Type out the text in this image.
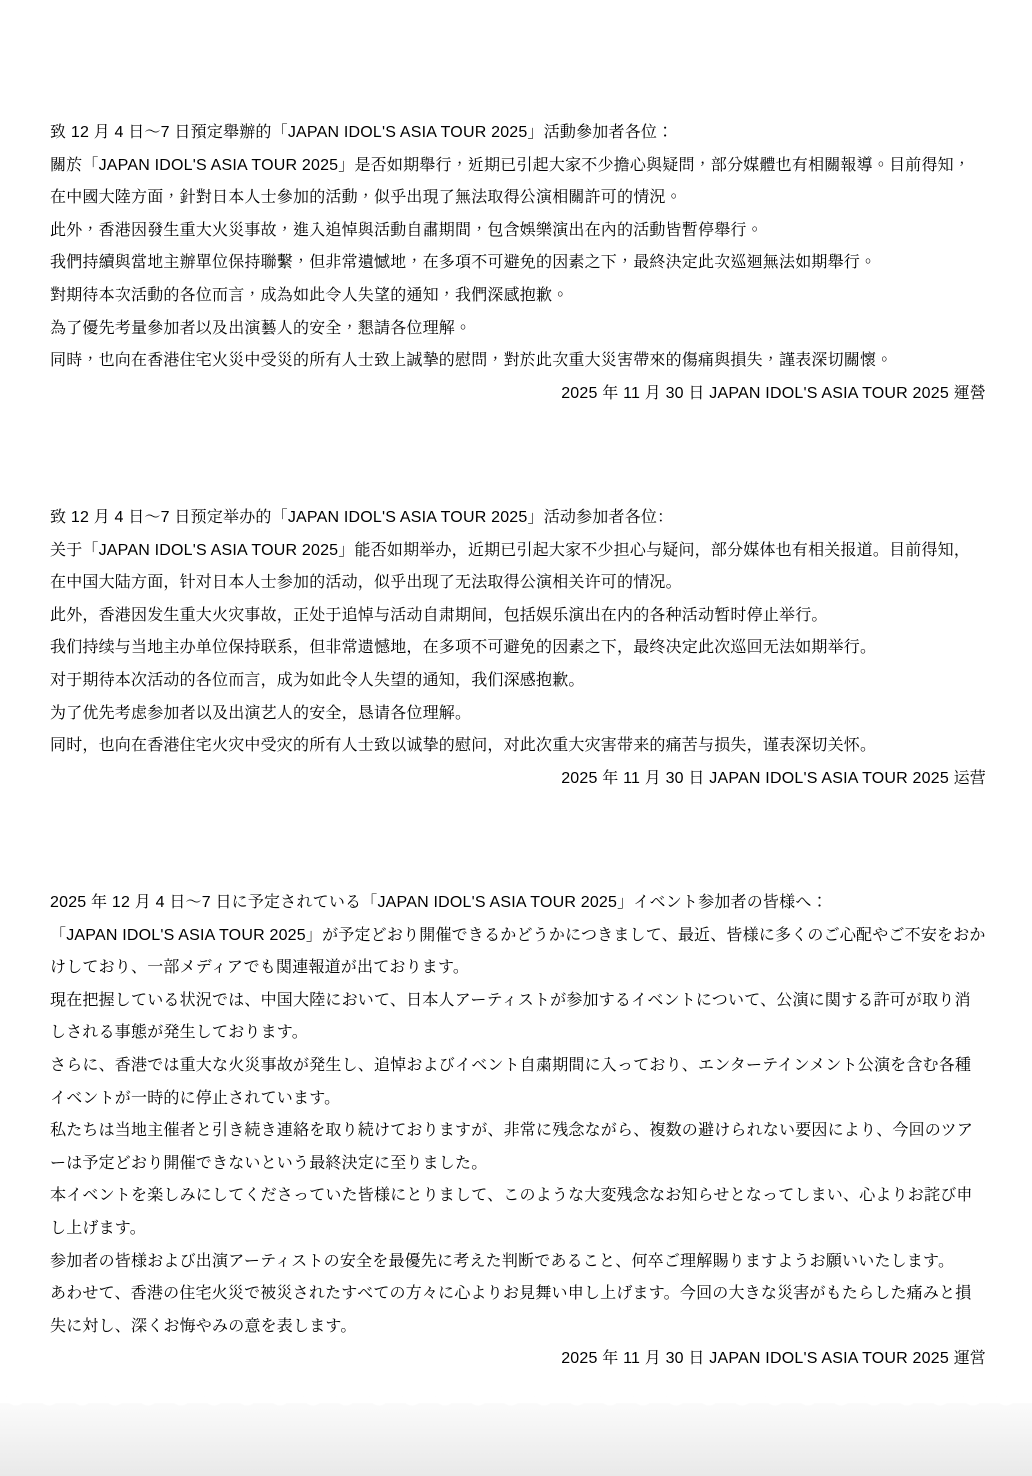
致 12 月 4 日～7 日預定舉辦的「JAPAN IDOL'S ASIA TOUR 2025」活動參加者各位：

關於「JAPAN IDOL'S ASIA TOUR 2025」是否如期舉行，近期已引起大家不少擔心與疑問，部分媒體也有相關報導。目前得知，在中國大陸方面，針對日本人士參加的活動，似乎出現了無法取得公演相關許可的情況。

此外，香港因發生重大火災事故，進入追悼與活動自肅期間，包含娛樂演出在內的活動皆暫停舉行。

我們持續與當地主辦單位保持聯繫，但非常遺憾地，在多項不可避免的因素之下，最終決定此次巡迴無法如期舉行。

對期待本次活動的各位而言，成為如此令人失望的通知，我們深感抱歉。

為了優先考量參加者以及出演藝人的安全，懇請各位理解。

同時，也向在香港住宅火災中受災的所有人士致上誠摯的慰問，對於此次重大災害帶來的傷痛與損失，謹表深切關懷。

2025 年 11 月 30 日 JAPAN IDOL'S ASIA TOUR 2025 運營

致 12 月 4 日～7 日预定举办的「JAPAN IDOL'S ASIA TOUR 2025」活动参加者各位：

关于「JAPAN IDOL'S ASIA TOUR 2025」能否如期举办，近期已引起大家不少担心与疑问，部分媒体也有相关报道。目前得知，在中国大陆方面，针对日本人士参加的活动，似乎出现了无法取得公演相关许可的情况。

此外，香港因发生重大火灾事故，正处于追悼与活动自肃期间，包括娱乐演出在内的各种活动暂时停止举行。

我们持续与当地主办单位保持联系，但非常遗憾地，在多项不可避免的因素之下，最终决定此次巡回无法如期举行。

对于期待本次活动的各位而言，成为如此令人失望的通知，我们深感抱歉。

为了优先考虑参加者以及出演艺人的安全，恳请各位理解。

同时，也向在香港住宅火灾中受灾的所有人士致以诚挚的慰问，对此次重大灾害带来的痛苦与损失，谨表深切关怀。

2025 年 11 月 30 日 JAPAN IDOL'S ASIA TOUR 2025 运营

2025 年 12 月 4 日～7 日に予定されている「JAPAN IDOL'S ASIA TOUR 2025」イベント参加者の皆様へ：

「JAPAN IDOL'S ASIA TOUR 2025」が予定どおり開催できるかどうかにつきまして、最近、皆様に多くのご心配やご不安をおかけしており、一部メディアでも関連報道が出ております。

現在把握している状況では、中国大陸において、日本人アーティストが参加するイベントについて、公演に関する許可が取り消しされる事態が発生しております。

さらに、香港では重大な火災事故が発生し、追悼およびイベント自粛期間に入っており、エンターテインメント公演を含む各種イベントが一時的に停止されています。

私たちは当地主催者と引き続き連絡を取り続けておりますが、非常に残念ながら、複数の避けられない要因により、今回のツアーは予定どおり開催できないという最終決定に至りました。

本イベントを楽しみにしてくださっていた皆様にとりまして、このような大変残念なお知らせとなってしまい、心よりお詫び申し上げます。

参加者の皆様および出演アーティストの安全を最優先に考えた判断であること、何卒ご理解賜りますようお願いいたします。

あわせて、香港の住宅火災で被災されたすべての方々に心よりお見舞い申し上げます。今回の大きな災害がもたらした痛みと損失に対し、深くお悔やみの意を表します。

2025 年 11 月 30 日 JAPAN IDOL'S ASIA TOUR 2025 運営
